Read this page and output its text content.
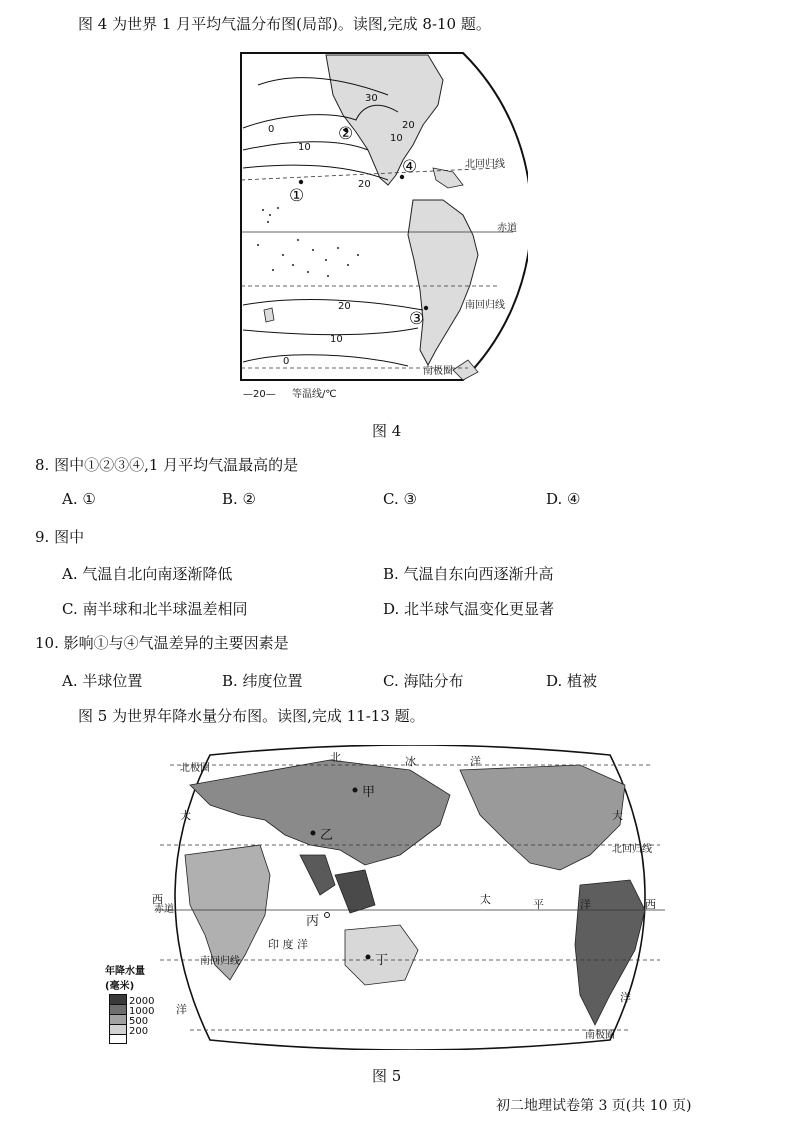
图 4 为世界 1 月平均气温分布图(局部)。读图,完成 8-10 题。
30
20
10
0
10
20
20
10
0
北回归线
赤道
南回归线
南极圈
①
②
③
④
—20— 等温线/℃
图 4
8. 图中①②③④,1 月平均气温最高的是
A. ①	B. ②	C. ③	D. ④
9. 图中
A. 气温自北向南逐渐降低	B. 气温自东向西逐渐升高
C. 南半球和北半球温差相同	D. 北半球气温变化更显著
10. 影响①与④气温差异的主要因素是
A. 半球位置	B. 纬度位置	C. 海陆分布	D. 植被
图 5 为世界年降水量分布图。读图,完成 11-13 题。
北极圈
北	冰	洋
大	大
西	西
洋
洋
甲
乙
丙
丁
北回归线
赤道
南回归线
南极圈
太	平	洋
印 度 洋
年降水量
(毫米)
2000
1000
500
200
图 5
初二地理试卷第 3 页(共 10 页)
